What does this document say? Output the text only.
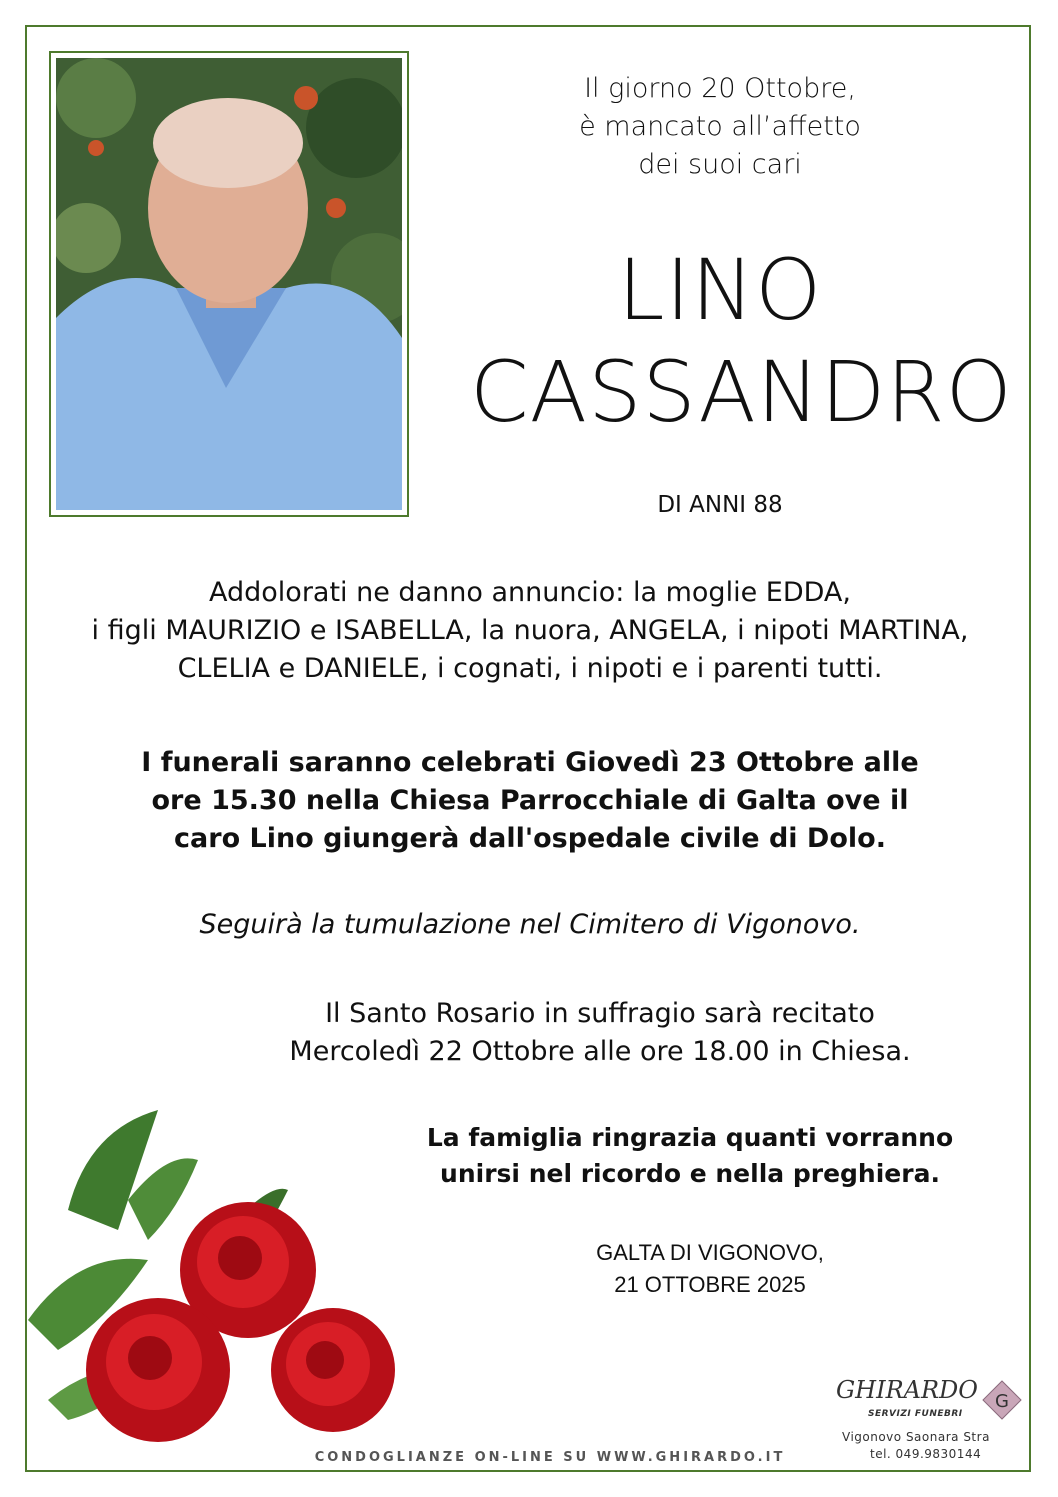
Il giorno 20 Ottobre,
è mancato all’affetto
dei suoi cari
LINO
CASSANDRO
DI ANNI 88
Addolorati ne danno annuncio: la moglie EDDA,
i figli MAURIZIO e ISABELLA, la nuora, ANGELA, i nipoti MARTINA,
CLELIA e DANIELE, i cognati, i nipoti e i parenti tutti.
I funerali saranno celebrati Giovedì 23 Ottobre alle
ore 15.30 nella Chiesa Parrocchiale di Galta ove il
caro Lino giungerà dall'ospedale civile di Dolo.
Seguirà la tumulazione nel Cimitero di Vigonovo.
Il Santo Rosario in suffragio sarà recitato
Mercoledì 22 Ottobre alle ore 18.00 in Chiesa.
La famiglia ringrazia quanti vorranno
unirsi nel ricordo e nella preghiera.
GALTA DI VIGONOVO,
21 OTTOBRE 2025
CONDOGLIANZE ON-LINE SU WWW.GHIRARDO.IT
GHIRARDO
SERVIZI FUNEBRI
G
Vigonovo Saonara Stra
tel. 049.9830144
